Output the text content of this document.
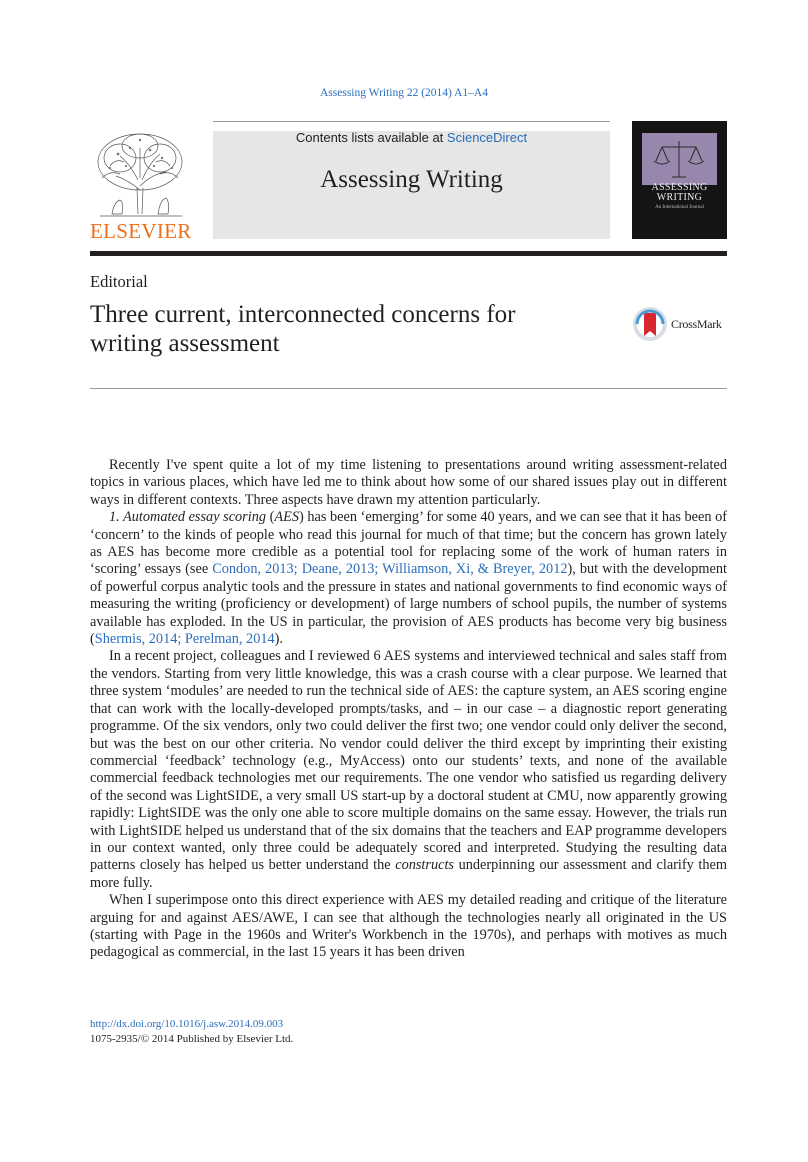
Assessing Writing 22 (2014) A1–A4
ELSEVIER
Contents lists available at ScienceDirect
Assessing Writing	ASSESSING
WRITING
An International Journal
Editorial
Three current, interconnected concerns for writing assessment
CrossMark

Recently I've spent quite a lot of my time listening to presentations around writing assessment-related topics in various places, which have led me to think about how some of our shared issues play out in different ways in different contexts. Three aspects have drawn my attention particularly.

1. Automated essay scoring (AES) has been ‘emerging’ for some 40 years, and we can see that it has been of ‘concern’ to the kinds of people who read this journal for much of that time; but the concern has grown lately as AES has become more credible as a potential tool for replacing some of the work of human raters in ‘scoring’ essays (see Condon, 2013; Deane, 2013; Williamson, Xi, & Breyer, 2012), but with the development of powerful corpus analytic tools and the pressure in states and national governments to find economic ways of measuring the writing (proficiency or development) of large numbers of school pupils, the number of systems available has exploded. In the US in particular, the provision of AES products has become very big business (Shermis, 2014; Perelman, 2014).

In a recent project, colleagues and I reviewed 6 AES systems and interviewed technical and sales staff from the vendors. Starting from very little knowledge, this was a crash course with a clear purpose. We learned that three system ‘modules’ are needed to run the technical side of AES: the capture system, an AES scoring engine that can work with the locally-developed prompts/tasks, and – in our case – a diagnostic report generating programme. Of the six vendors, only two could deliver the first two; one vendor could only deliver the second, but was the best on our other criteria. No vendor could deliver the third except by imprinting their existing commercial ‘feedback’ technology (e.g., MyAccess) onto our students’ texts, and none of the available commercial feedback technologies met our requirements. The one vendor who satisfied us regarding delivery of the second was LightSIDE, a very small US start-up by a doctoral student at CMU, now apparently growing rapidly: LightSIDE was the only one able to score multiple domains on the same essay. However, the trials run with LightSIDE helped us understand that of the six domains that the teachers and EAP programme developers in our context wanted, only three could be adequately scored and interpreted. Studying the resulting data patterns closely has helped us better understand the constructs underpinning our assessment and clarify them more fully.

When I superimpose onto this direct experience with AES my detailed reading and critique of the literature arguing for and against AES/AWE, I can see that although the technologies nearly all originated in the US (starting with Page in the 1960s and Writer's Workbench in the 1970s), and perhaps with motives as much pedagogical as commercial, in the last 15 years it has been driven

http://dx.doi.org/10.1016/j.asw.2014.09.003
1075-2935/© 2014 Published by Elsevier Ltd.
